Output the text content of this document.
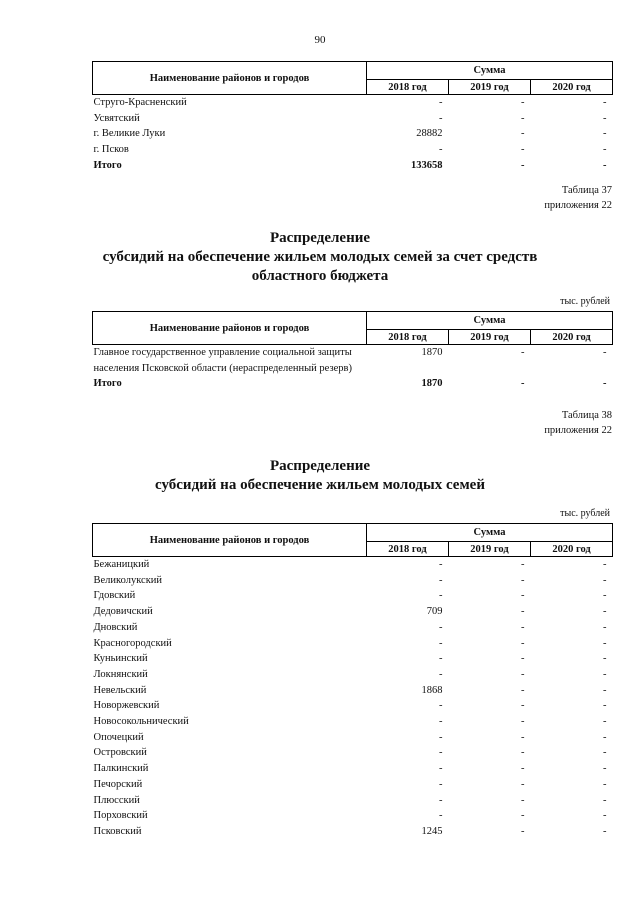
90
Наименование районов и городов	Сумма		
	2018 год	2019 год	2020 год
Струго-Красненский	-	-	-
Усвятский	-	-	-
г. Великие Луки	28882	-	-
г. Псков	-	-	-
Итого	133658	-	-
Таблица 37
приложения 22
Распределение
субсидий на обеспечение жильем молодых семей за счет средств
областного бюджета
тыс. рублей
Наименование районов и городов	Сумма		
	2018 год	2019 год	2020 год
Главное государственное управление социальной защиты населения Псковской области (нераспределенный резерв)	1870	-	-
Итого	1870	-	-
Таблица 38
приложения 22
Распределение
субсидий на обеспечение жильем молодых семей
тыс. рублей
Наименование районов и городов	Сумма		
	2018 год	2019 год	2020 год
Бежаницкий	-	-	-
Великолукский	-	-	-
Гдовский	-	-	-
Дедовичский	709	-	-
Дновский	-	-	-
Красногородский	-	-	-
Куньинский	-	-	-
Локнянский	-	-	-
Невельский	1868	-	-
Новоржевский	-	-	-
Новосокольнический	-	-	-
Опочецкий	-	-	-
Островский	-	-	-
Палкинский	-	-	-
Печорский	-	-	-
Плюсский	-	-	-
Порховский	-	-	-
Псковский	1245	-	-
